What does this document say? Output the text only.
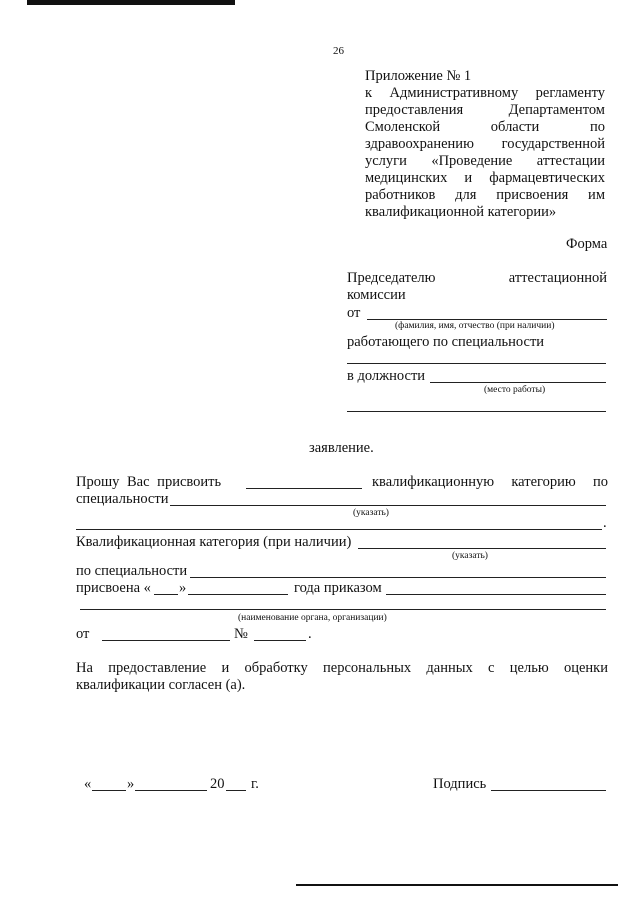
26
Приложение № 1
к Административному регламенту
предоставления Департаментом
Смоленской области по
здравоохранению государственной
услуги «Проведение аттестации
медицинских и фармацевтических
работников для присвоения им
квалификационной категории»
Форма
Председателю аттестационной
комиссии
от
(фамилия, имя, отчество (при наличии)
работающего по специальности
в должности
(место работы)
заявление.
Прошу Вас присвоить	квалификационную категорию по
специальности
(указать)
.
Квалификационная категория (при наличии)
(указать)
по специальности
присвоена « »	года приказом
(наименование органа, организации)
от	№	.
На предоставление и обработку персональных данных с целью оценки
квалификации согласен (а).
« »	20 г.	Подпись
